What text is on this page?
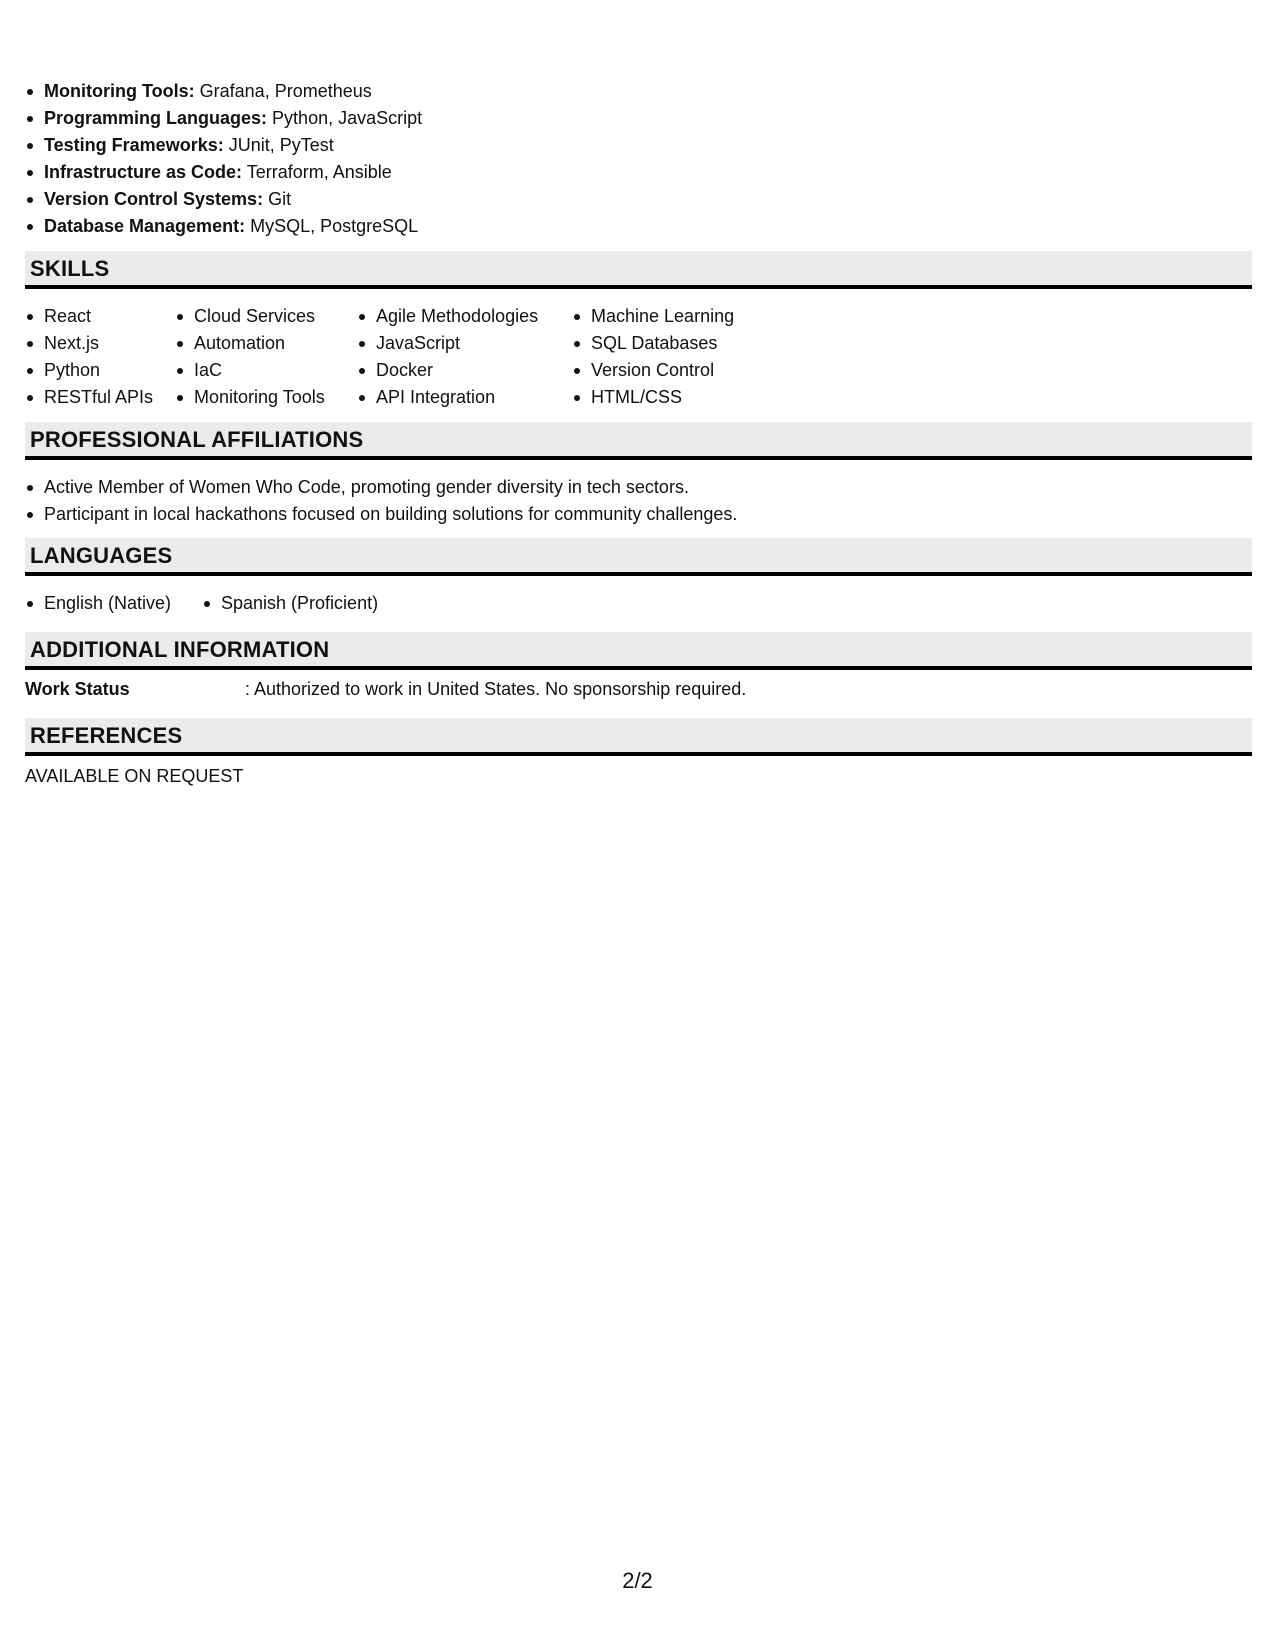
Monitoring Tools: Grafana, Prometheus
Programming Languages: Python, JavaScript
Testing Frameworks: JUnit, PyTest
Infrastructure as Code: Terraform, Ansible
Version Control Systems: Git
Database Management: MySQL, PostgreSQL
SKILLS
React
Next.js
Python
RESTful APIs
Cloud Services
Automation
IaC
Monitoring Tools
Agile Methodologies
JavaScript
Docker
API Integration
Machine Learning
SQL Databases
Version Control
HTML/CSS
PROFESSIONAL AFFILIATIONS
Active Member of Women Who Code, promoting gender diversity in tech sectors.
Participant in local hackathons focused on building solutions for community challenges.
LANGUAGES
English (Native)	Spanish (Proficient)
ADDITIONAL INFORMATION
Work Status	: Authorized to work in United States. No sponsorship required.
REFERENCES
AVAILABLE ON REQUEST
2/2
